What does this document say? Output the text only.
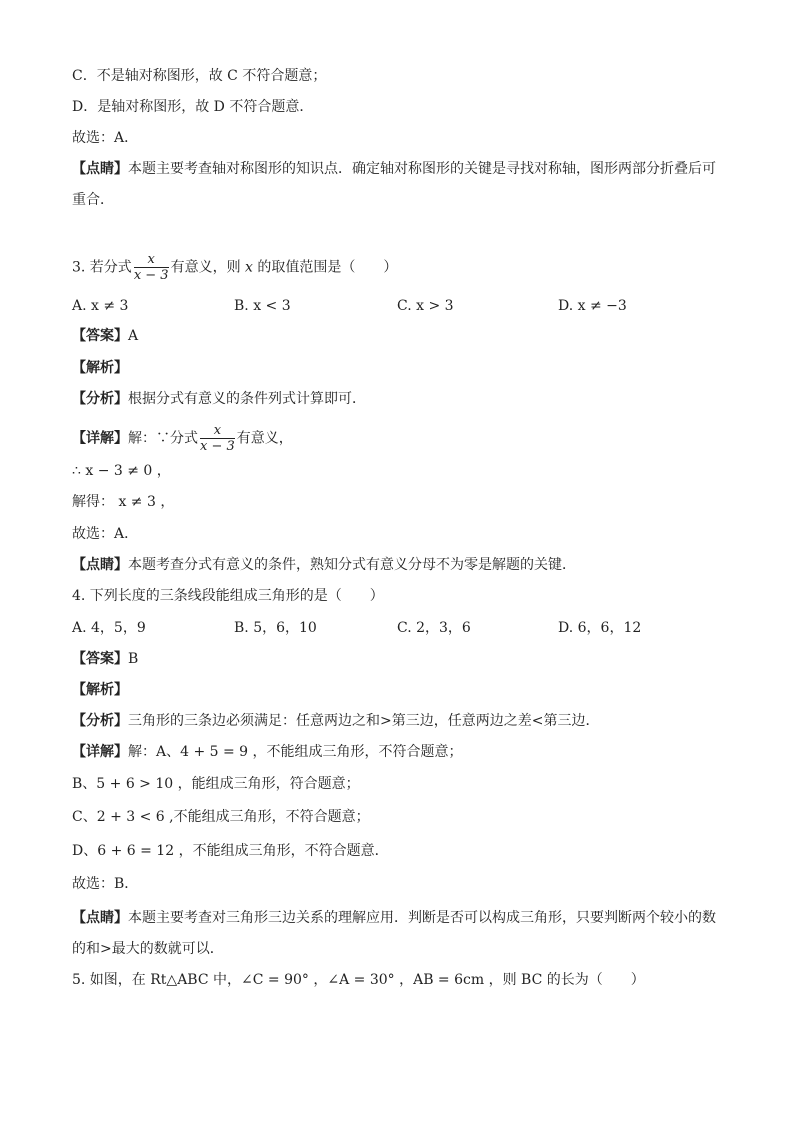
C．不是轴对称图形，故 C 不符合题意；
D．是轴对称图形，故 D 不符合题意．
故选：A．
【点睛】本题主要考查轴对称图形的知识点．确定轴对称图形的关键是寻找对称轴，图形两部分折叠后可
重合．
3. 若分式 $\frac{x}{x - 3}$ 有意义，则 x 的取值范围是（　　）
A. x ≠ 3	B. x < 3	C. x > 3	D. x ≠ −3
【答案】A
【解析】
【分析】根据分式有意义的条件列式计算即可．
【详解】解：∵分式 $\frac{x}{x - 3}$ 有意义，
∴ x − 3 ≠ 0 ，
解得： x ≠ 3 ，
故选：A．
【点睛】本题考查分式有意义的条件，熟知分式有意义分母不为零是解题的关键．
4. 下列长度的三条线段能组成三角形的是（　　）
A. 4，5，9	B. 5，6，10	C. 2，3，6	D. 6，6，12
【答案】B
【解析】
【分析】三角形的三条边必须满足：任意两边之和>第三边，任意两边之差<第三边．
【详解】解：A、4 + 5 = 9 ，不能组成三角形，不符合题意；
B、5 + 6 > 10 ，能组成三角形，符合题意；
C、2 + 3 < 6 ,不能组成三角形，不符合题意；
D、6 + 6 = 12 ，不能组成三角形，不符合题意．
故选：B．
【点睛】本题主要考查对三角形三边关系的理解应用．判断是否可以构成三角形，只要判断两个较小的数
的和>最大的数就可以．
5. 如图，在 Rt△ABC 中，∠C = 90° ，∠A = 30° ，AB = 6cm ，则 BC 的长为（　　）
